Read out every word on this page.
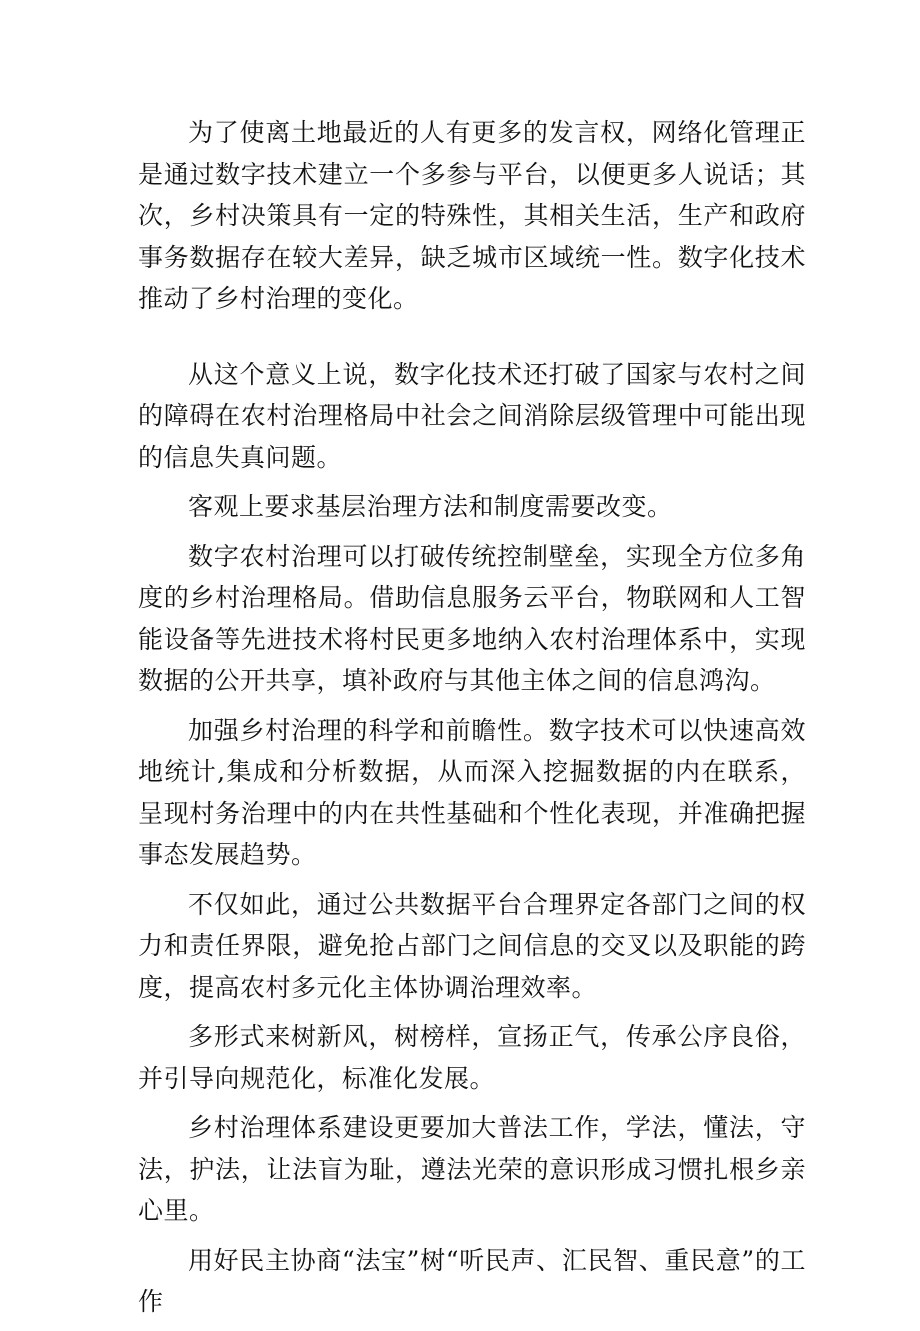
为了使离土地最近的人有更多的发言权，网络化管理正是通过数字技术建立一个多参与平台，以便更多人说话；其次，乡村决策具有一定的特殊性，其相关生活，生产和政府事务数据存在较大差异，缺乏城市区域统一性。数字化技术推动了乡村治理的变化。

从这个意义上说，数字化技术还打破了国家与农村之间的障碍在农村治理格局中社会之间消除层级管理中可能出现的信息失真问题。

客观上要求基层治理方法和制度需要改变。

数字农村治理可以打破传统控制壁垒，实现全方位多角度的乡村治理格局。借助信息服务云平台，物联网和人工智能设备等先进技术将村民更多地纳入农村治理体系中，实现数据的公开共享，填补政府与其他主体之间的信息鸿沟。

加强乡村治理的科学和前瞻性。数字技术可以快速高效地统计,集成和分析数据，从而深入挖掘数据的内在联系，呈现村务治理中的内在共性基础和个性化表现，并准确把握事态发展趋势。

不仅如此，通过公共数据平台合理界定各部门之间的权力和责任界限，避免抢占部门之间信息的交叉以及职能的跨度，提高农村多元化主体协调治理效率。

多形式来树新风，树榜样，宣扬正气，传承公序良俗，并引导向规范化，标准化发展。

乡村治理体系建设更要加大普法工作，学法，懂法，守法，护法，让法盲为耻，遵法光荣的意识形成习惯扎根乡亲心里。

用好民主协商“法宝”树“听民声、汇民智、重民意”的工作
